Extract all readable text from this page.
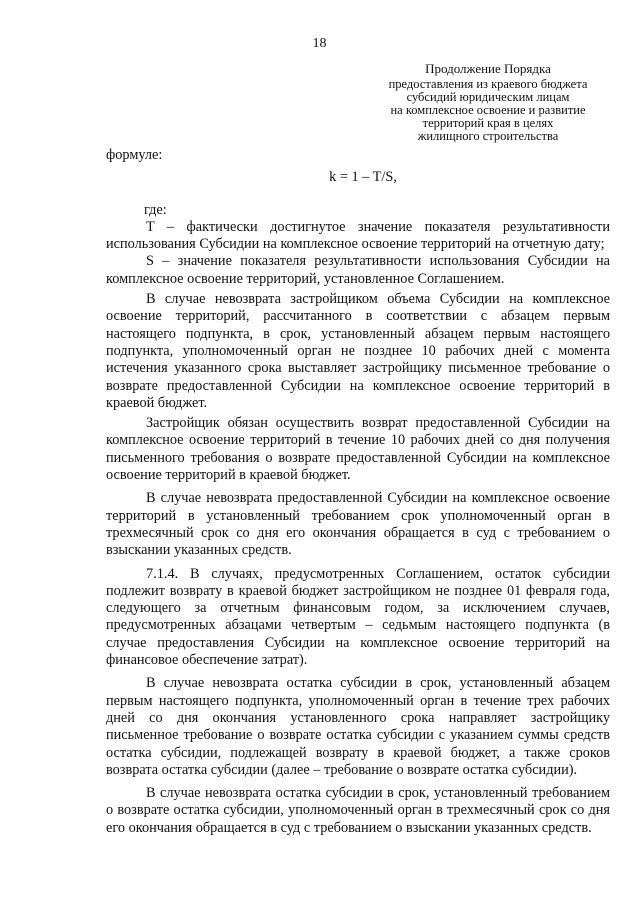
18
Продолжение Порядка
предоставления из краевого бюджета
субсидий юридическим лицам
на комплексное освоение и развитие
территорий края в целях
жилищного строительства

формуле:

k = 1 – T/S,

где:

T – фактически достигнутое значение показателя результативности использования Субсидии на комплексное освоение территорий на отчетную дату;

S – значение показателя результативности использования Субсидии на комплексное освоение территорий, установленное Соглашением.

В случае невозврата застройщиком объема Субсидии на комплексное освоение территорий, рассчитанного в соответствии с абзацем первым настоящего подпункта, в срок, установленный абзацем первым настоящего подпункта, уполномоченный орган не позднее 10 рабочих дней с момента истечения указанного срока выставляет застройщику письменное требование о возврате предоставленной Субсидии на комплексное освоение территорий в краевой бюджет.

Застройщик обязан осуществить возврат предоставленной Субсидии на комплексное освоение территорий в течение 10 рабочих дней со дня получения письменного требования о возврате предоставленной Субсидии на комплексное освоение территорий в краевой бюджет.

В случае невозврата предоставленной Субсидии на комплексное освоение территорий в установленный требованием срок уполномоченный орган в трехмесячный срок со дня его окончания обращается в суд с требованием о взыскании указанных средств.

7.1.4. В случаях, предусмотренных Соглашением, остаток субсидии подлежит возврату в краевой бюджет застройщиком не позднее 01 февраля года, следующего за отчетным финансовым годом, за исключением случаев, предусмотренных абзацами четвертым – седьмым настоящего подпункта (в случае предоставления Субсидии на комплексное освоение территорий на финансовое обеспечение затрат).

В случае невозврата остатка субсидии в срок, установленный абзацем первым настоящего подпункта, уполномоченный орган в течение трех рабочих дней со дня окончания установленного срока направляет застройщику письменное требование о возврате остатка субсидии с указанием суммы средств остатка субсидии, подлежащей возврату в краевой бюджет, а также сроков возврата остатка субсидии (далее – требование о возврате остатка субсидии).

В случае невозврата остатка субсидии в срок, установленный требованием о возврате остатка субсидии, уполномоченный орган в трехмесячный срок со дня его окончания обращается в суд с требованием о взыскании указанных средств.
